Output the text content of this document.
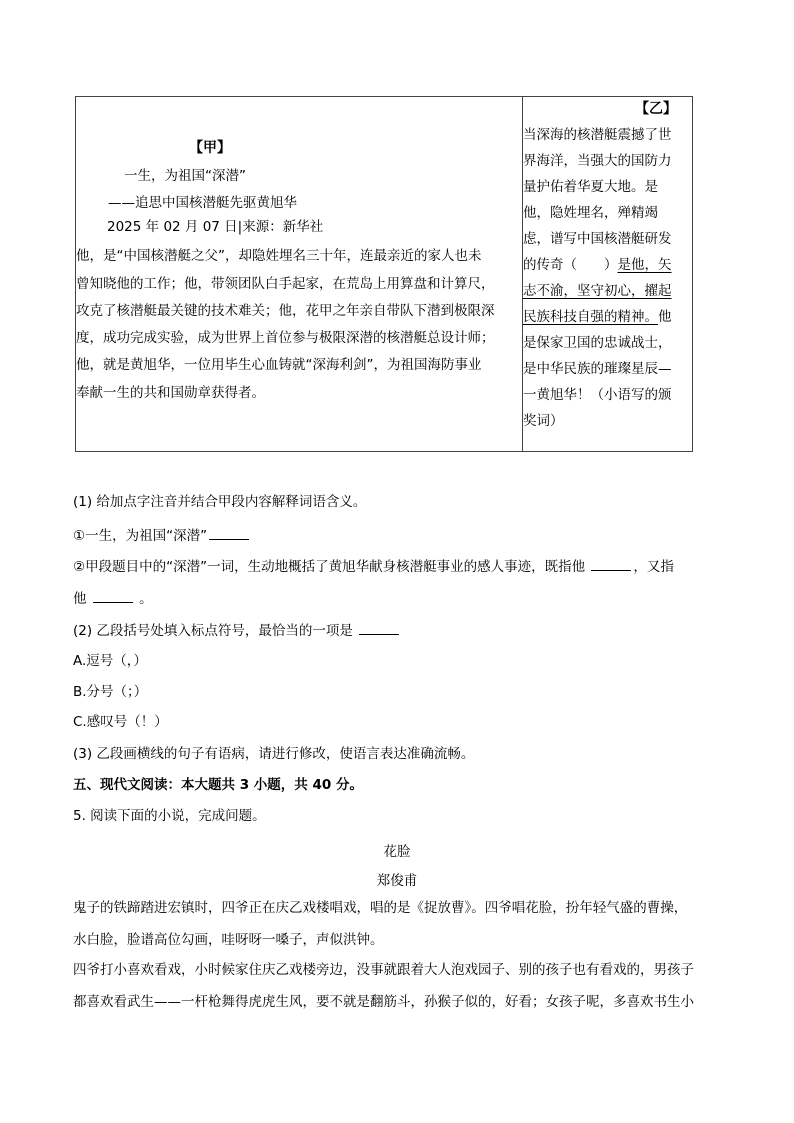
【甲】
一生，为祖国“深潜”
——追思中国核潜艇先驱黄旭华
2025 年 02 月 07 日|来源：新华社
他，是“中国核潜艇之父”，却隐姓埋名三十年，连最亲近的家人也未
曾知晓他的工作；他，带领团队白手起家，在荒岛上用算盘和计算尺，
攻克了核潜艇最关键的技术难关；他，花甲之年亲自带队下潜到极限深
度，成功完成实验，成为世界上首位参与极限深潜的核潜艇总设计师；
他，就是黄旭华，一位用毕生心血铸就“深海利剑”，为祖国海防事业
奉献一生的共和国勋章获得者。
【乙】
当深海的核潜艇震撼了世
界海洋，当强大的国防力
量护佑着华夏大地。是
他，隐姓埋名，殚精竭
虑，谱写中国核潜艇研发
的传奇（　　）是他，矢
志不渝，坚守初心，擢起
民族科技自强的精神。他
是保家卫国的忠诚战士，
是中华民族的璀璨星辰—
一黄旭华！（小语写的颁
奖词）
(1) 给加点字注音并结合甲段内容解释词语含义。
①一生，为祖国“深潜”
②甲段题目中的“深潜”一词，生动地概括了黄旭华献身核潜艇事业的感人事迹，既指他	，又指
他	。
(2) 乙段括号处填入标点符号，最恰当的一项是
A.逗号（，）
B.分号（；）
C.感叹号（！）
(3) 乙段画横线的句子有语病，请进行修改，使语言表达准确流畅。
五、现代文阅读：本大题共 3 小题，共 40 分。
5. 阅读下面的小说，完成问题。
花脸
郑俊甫
鬼子的铁蹄踏进宏镇时，四爷正在庆乙戏楼唱戏，唱的是《捉放曹》。四爷唱花脸，扮年轻气盛的曹操，
水白脸，脸谱高位勾画，哇呀呀一嗓子，声似洪钟。
四爷打小喜欢看戏，小时候家住庆乙戏楼旁边，没事就跟着大人泡戏园子、别的孩子也有看戏的，男孩子
都喜欢看武生——一杆枪舞得虎虎生风，要不就是翻筋斗，孙猴子似的，好看；女孩子呢，多喜欢书生小
